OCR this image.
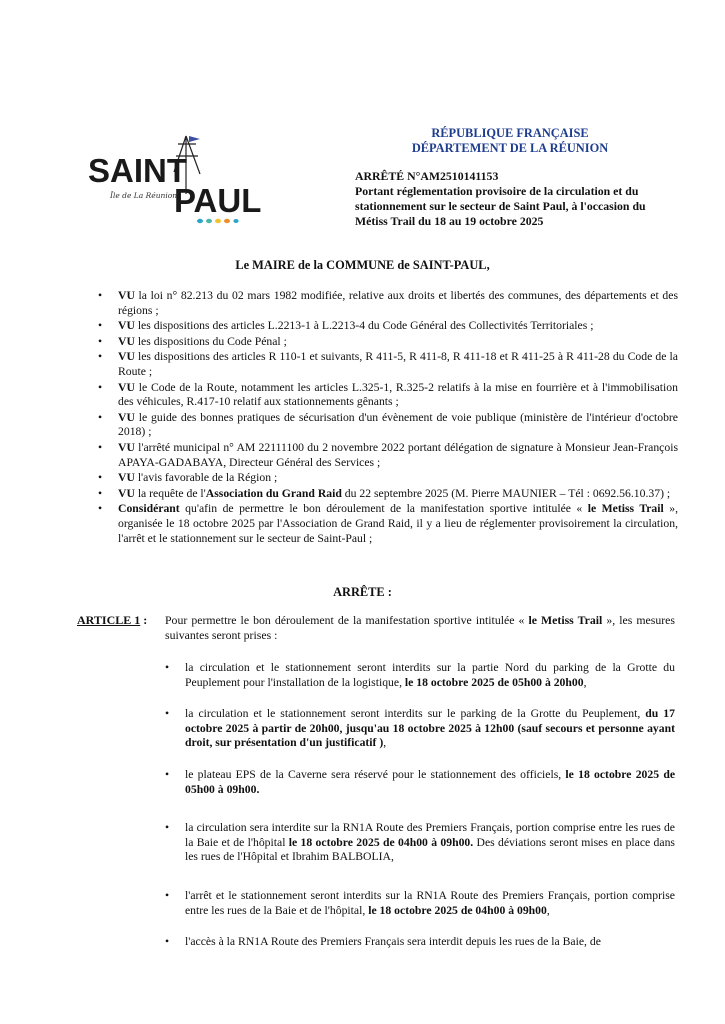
SAINT
PAUL
Île de La Réunion
RÉPUBLIQUE FRANÇAISE
DÉPARTEMENT DE LA RÉUNION
ARRÊTÉ N°AM2510141153
Portant réglementation provisoire de la circulation et du stationnement sur le secteur de Saint Paul, à l'occasion du Métiss Trail du 18 au 19 octobre 2025
Le MAIRE de la COMMUNE de SAINT-PAUL,
• VU la loi n° 82.213 du 02 mars 1982 modifiée, relative aux droits et libertés des communes, des départements et des régions ;
• VU les dispositions des articles L.2213-1 à L.2213-4 du Code Général des Collectivités Territoriales ;
• VU les dispositions du Code Pénal ;
• VU les dispositions des articles R 110-1 et suivants, R 411-5, R 411-8, R 411-18 et R 411-25 à R 411-28 du Code de la Route ;
• VU le Code de la Route, notamment les articles L.325-1, R.325-2 relatifs à la mise en fourrière et à l'immobilisation des véhicules, R.417-10 relatif aux stationnements gênants ;
• VU le guide des bonnes pratiques de sécurisation d'un évènement de voie publique (ministère de l'intérieur d'octobre 2018) ;
• VU l'arrêté municipal n° AM 22111100 du 2 novembre 2022 portant délégation de signature à Monsieur Jean-François APAYA-GADABAYA, Directeur Général des Services ;
• VU l'avis favorable de la Région ;
• VU la requête de l'Association du Grand Raid du 22 septembre 2025 (M. Pierre MAUNIER – Tél : 0692.56.10.37) ;
• Considérant qu'afin de permettre le bon déroulement de la manifestation sportive intitulée « le Metiss Trail », organisée le 18 octobre 2025 par l'Association de Grand Raid, il y a lieu de réglementer provisoirement la circulation, l'arrêt et le stationnement sur le secteur de Saint-Paul ;
ARRÊTE :
ARTICLE 1 : Pour permettre le bon déroulement de la manifestation sportive intitulée « le Metiss Trail », les mesures suivantes seront prises :
• la circulation et le stationnement seront interdits sur la partie Nord du parking de la Grotte du Peuplement pour l'installation de la logistique, le 18 octobre 2025 de 05h00 à 20h00,
• la circulation et le stationnement seront interdits sur le parking de la Grotte du Peuplement, du 17 octobre 2025 à partir de 20h00, jusqu'au 18 octobre 2025 à 12h00 (sauf secours et personne ayant droit, sur présentation d'un justificatif ),
• le plateau EPS de la Caverne sera réservé pour le stationnement des officiels, le 18 octobre 2025 de 05h00 à 09h00.
• la circulation sera interdite sur la RN1A Route des Premiers Français, portion comprise entre les rues de la Baie et de l'hôpital le 18 octobre 2025 de 04h00 à 09h00. Des déviations seront mises en place dans les rues de l'Hôpital et Ibrahim BALBOLIA,
• l'arrêt et le stationnement seront interdits sur la RN1A Route des Premiers Français, portion comprise entre les rues de la Baie et de l'hôpital, le 18 octobre 2025 de 04h00 à 09h00,
• l'accès à la RN1A Route des Premiers Français sera interdit depuis les rues de la Baie, de
